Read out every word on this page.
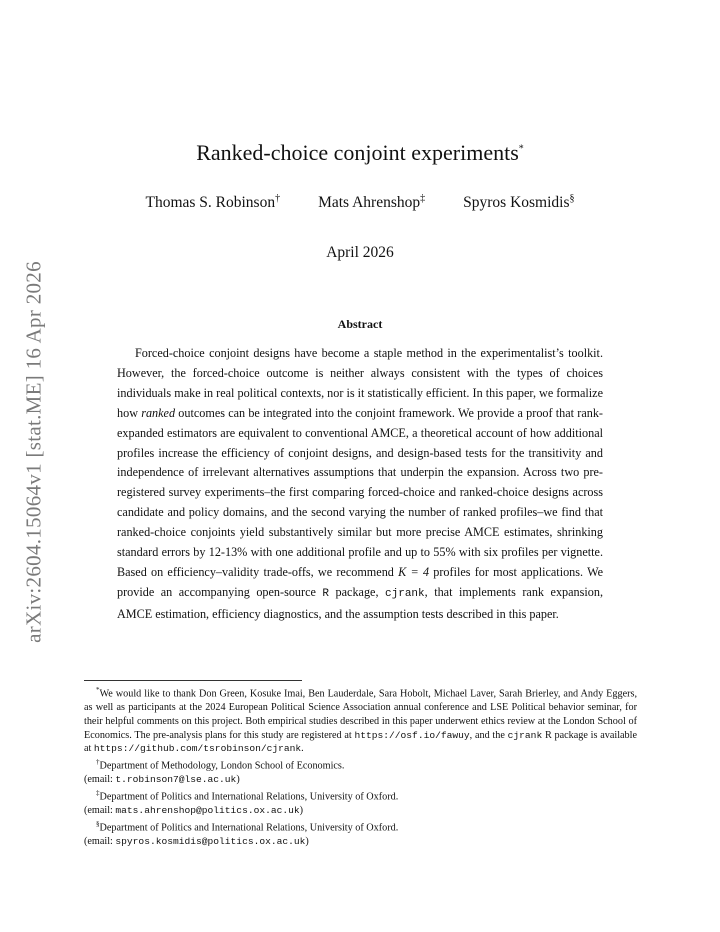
arXiv:2604.15064v1 [stat.ME] 16 Apr 2026
Ranked-choice conjoint experiments*
Thomas S. Robinson† Mats Ahrenshop‡ Spyros Kosmidis§
April 2026
Abstract

Forced-choice conjoint designs have become a staple method in the experimentalist’s toolkit. However, the forced-choice outcome is neither always consistent with the types of choices individuals make in real political contexts, nor is it statistically efficient. In this paper, we formalize how ranked outcomes can be integrated into the conjoint framework. We provide a proof that rank-expanded estimators are equivalent to conventional AMCE, a theoretical account of how additional profiles increase the efficiency of conjoint designs, and design-based tests for the transitivity and independence of irrelevant alternatives assumptions that underpin the expansion. Across two pre-registered survey experiments–the first comparing forced-choice and ranked-choice designs across candidate and policy domains, and the second varying the number of ranked profiles–we find that ranked-choice conjoints yield substantively similar but more precise AMCE estimates, shrinking standard errors by 12-13% with one additional profile and up to 55% with six profiles per vignette. Based on efficiency–validity trade-offs, we recommend K = 4 profiles for most applications. We provide an accompanying open-source R package, cjrank, that implements rank expansion, AMCE estimation, efficiency diagnostics, and the assumption tests described in this paper.

*We would like to thank Don Green, Kosuke Imai, Ben Lauderdale, Sara Hobolt, Michael Laver, Sarah Brierley, and Andy Eggers, as well as participants at the 2024 European Political Science Association annual conference and LSE Political behavior seminar, for their helpful comments on this project. Both empirical studies described in this paper underwent ethics review at the London School of Economics. The pre-analysis plans for this study are registered at https://osf.io/fawuy, and the cjrank R package is available at https://github.com/tsrobinson/cjrank.

†Department of Methodology, London School of Economics.

(email: t.robinson7@lse.ac.uk)

‡Department of Politics and International Relations, University of Oxford.

(email: mats.ahrenshop@politics.ox.ac.uk)

§Department of Politics and International Relations, University of Oxford.

(email: spyros.kosmidis@politics.ox.ac.uk)
